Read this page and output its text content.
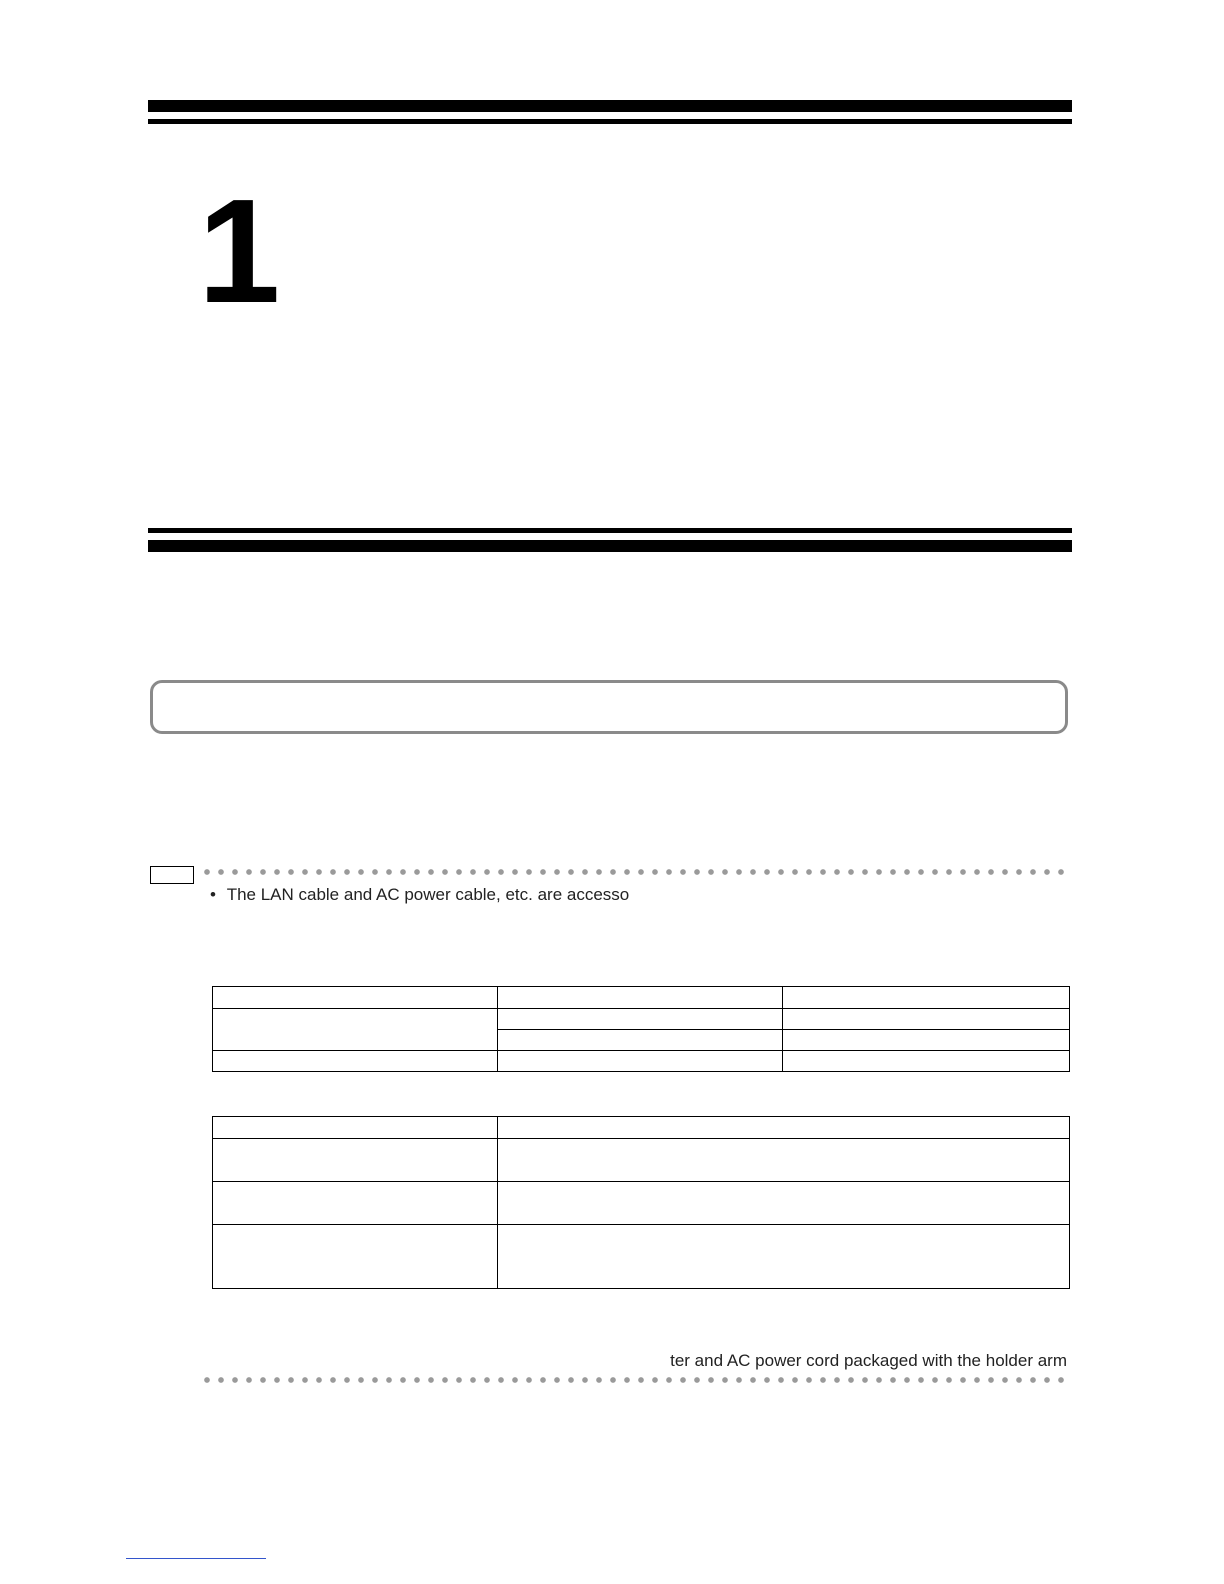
1
• The LAN cable and AC power cable, etc. are accesso

ter and AC power cord packaged with the holder arm
